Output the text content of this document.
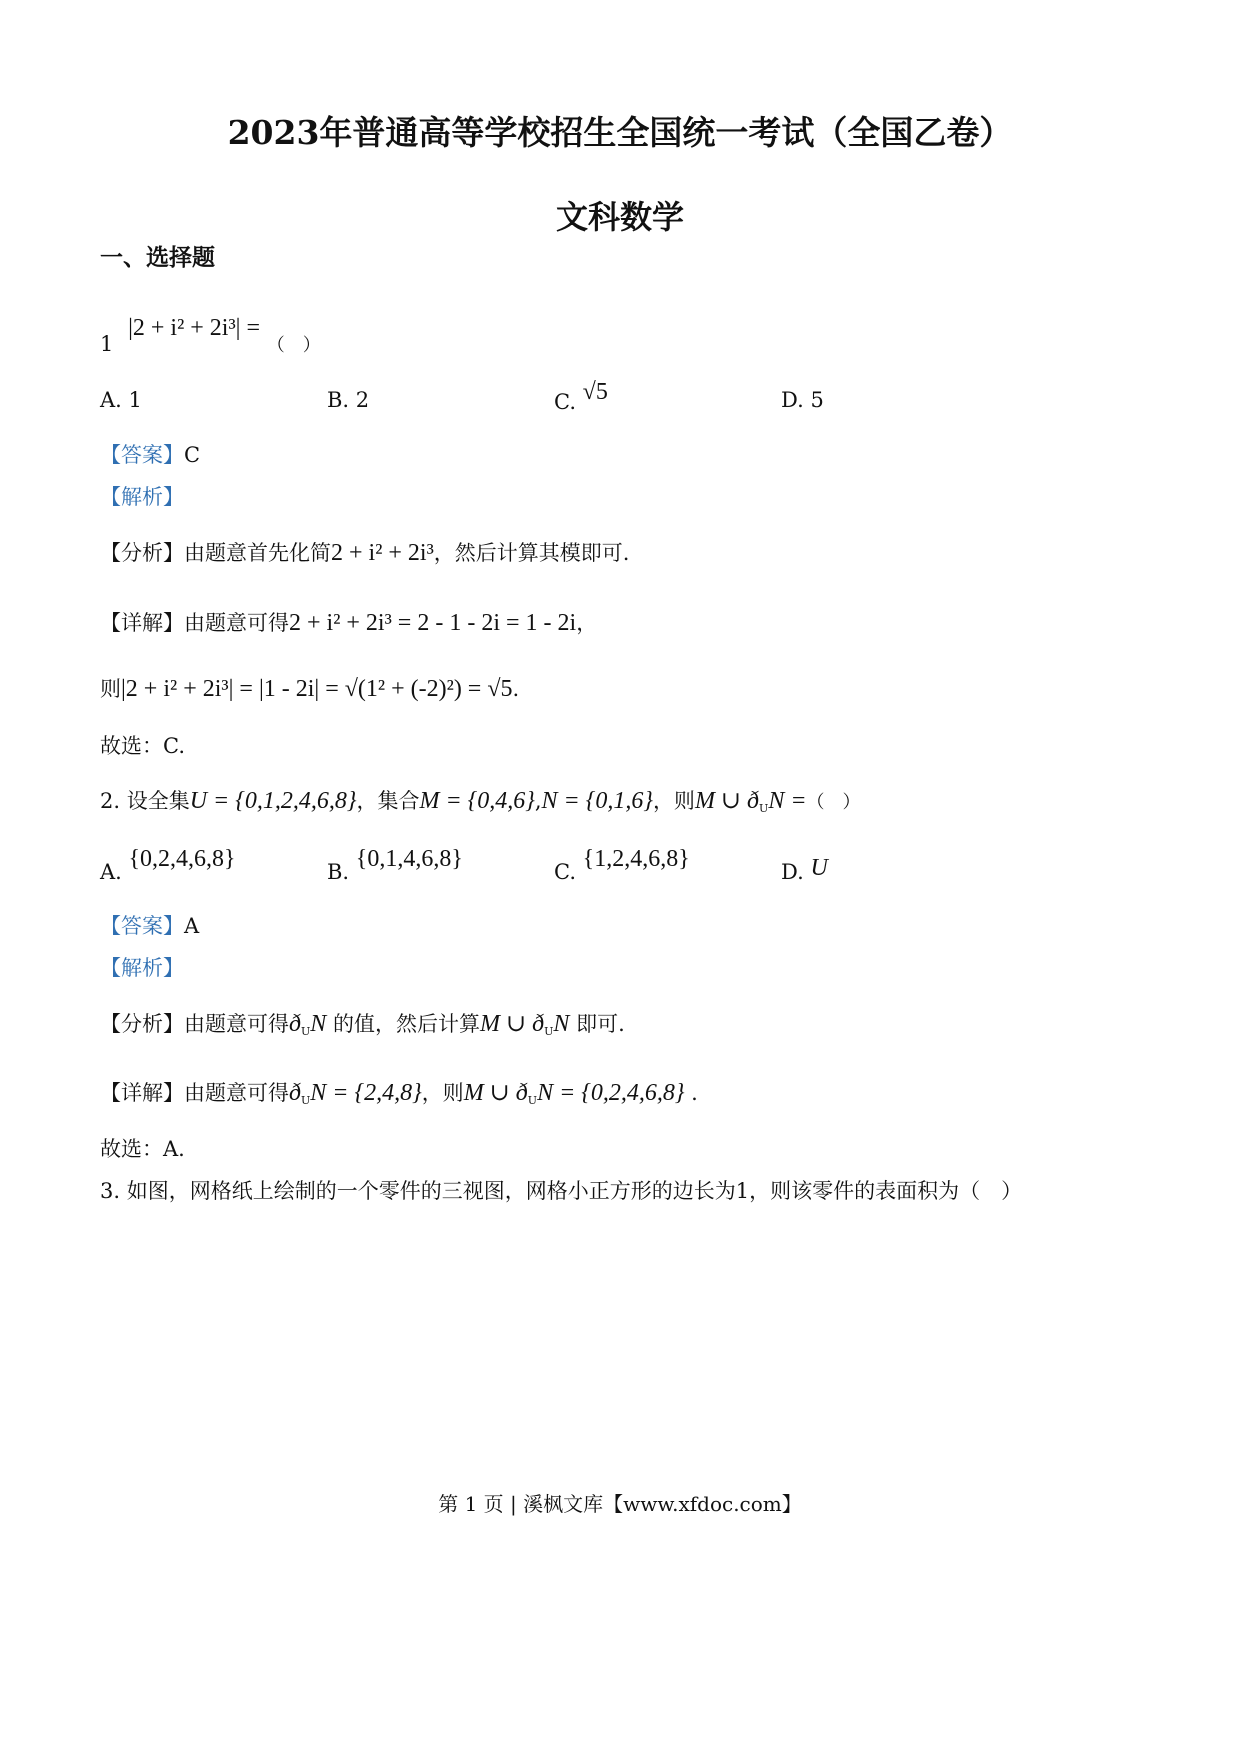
2023年普通高等学校招生全国统一考试（全国乙卷）
文科数学
一、选择题
1 |2 + i² + 2i³| = （　）
A. 1	B. 2	C. √5	D. 5
【答案】C
【解析】
【分析】由题意首先化简2 + i² + 2i³，然后计算其模即可.
【详解】由题意可得2 + i² + 2i³ = 2 - 1 - 2i = 1 - 2i，
则|2 + i² + 2i³| = |1 - 2i| = √(1² + (-2)²) = √5.
故选：C.
2. 设全集U = {0,1,2,4,6,8}，集合M = {0,4,6},N = {0,1,6}，则M ∪ $ð_UN$ =（　）
A. {0,2,4,6,8}	B. {0,1,4,6,8}	C. {1,2,4,6,8}	D. U
【答案】A
【解析】
【分析】由题意可得$ð_UN$ 的值，然后计算M ∪ $ð_UN$ 即可.
【详解】由题意可得$ð_UN = \{2,4,8\}$，则M ∪ $ð_UN = \{0,2,4,6,8\}$ .
故选：A.
3. 如图，网格纸上绘制的一个零件的三视图，网格小正方形的边长为1，则该零件的表面积为（　）
第 1 页 | 溪枫文库【www.xfdoc.com】
